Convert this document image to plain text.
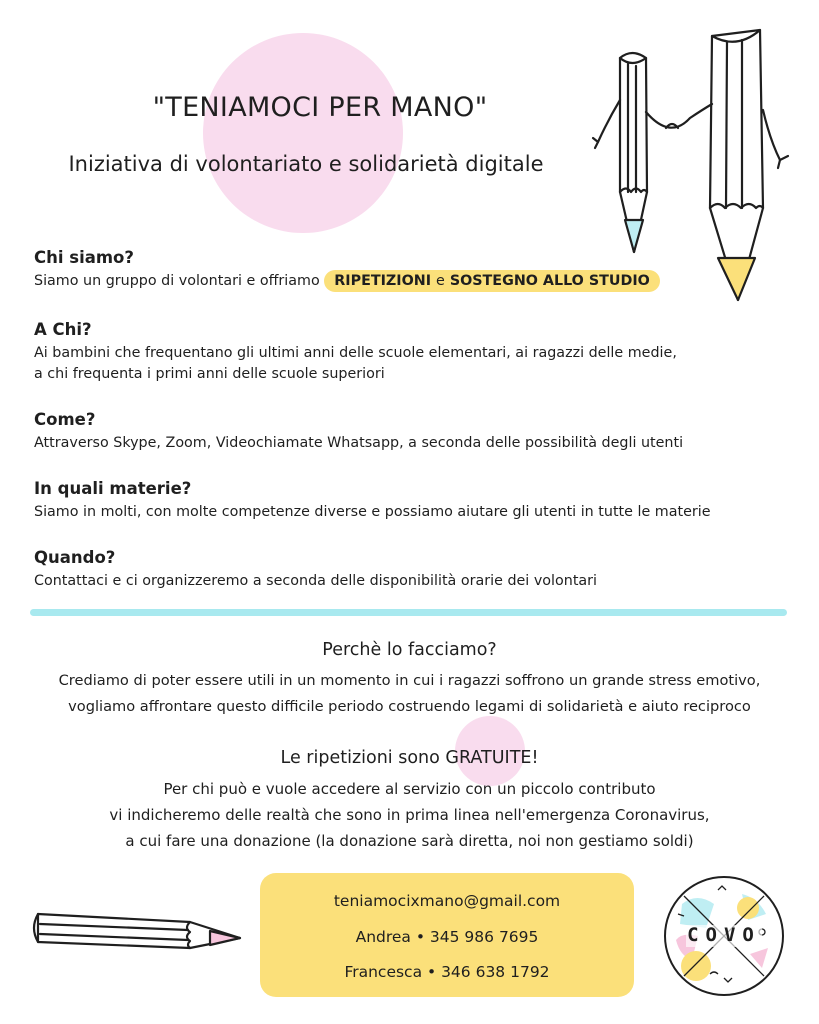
"TENIAMOCI PER MANO"
Iniziativa di volontariato e solidarietà digitale
Chi siamo?

Siamo un gruppo di volontari e offriamo RIPETIZIONI e SOSTEGNO ALLO STUDIO

A Chi?

Ai bambini che frequentano gli ultimi anni delle scuole elementari, ai ragazzi delle medie,
a chi frequenta i primi anni delle scuole superiori

Come?

Attraverso Skype, Zoom, Videochiamate Whatsapp, a seconda delle possibilità degli utenti

In quali materie?

Siamo in molti, con molte competenze diverse e possiamo aiutare gli utenti in tutte le materie

Quando?

Contattaci e ci organizzeremo a seconda delle disponibilità orarie dei volontari

Perchè lo facciamo?
Crediamo di poter essere utili in un momento in cui i ragazzi soffrono un grande stress emotivo,
vogliamo affrontare questo difficile periodo costruendo legami di solidarietà e aiuto reciproco
Le ripetizioni sono GRATUITE!
Per chi può e vuole accedere al servizio con un piccolo contributo
vi indicheremo delle realtà che sono in prima linea nell'emergenza Coronavirus,
a cui fare una donazione (la donazione sarà diretta, noi non gestiamo soldi)
teniamocixmano@gmail.com
Andrea • 345 986 7695
Francesca • 346 638 1792
COVO
